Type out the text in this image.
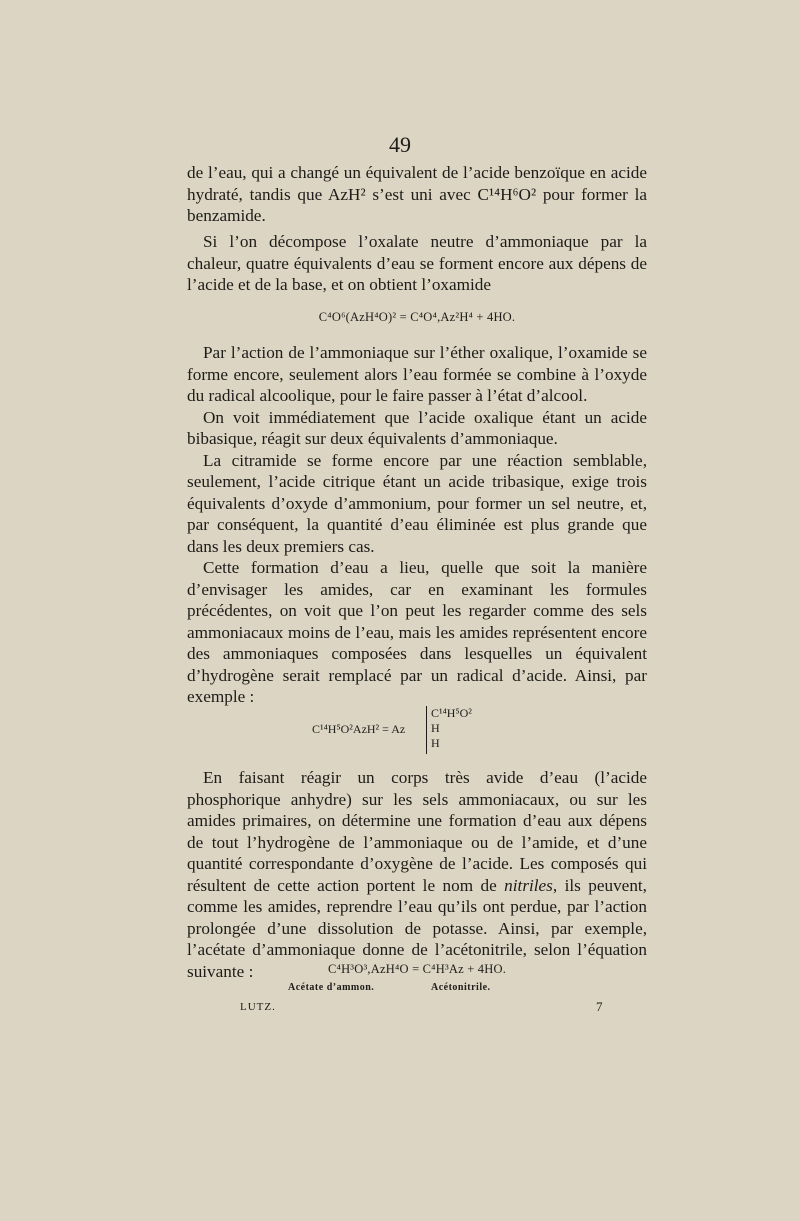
49

de l’eau, qui a changé un équivalent de l’acide benzoïque en acide hydraté, tandis que AzH² s’est uni avec C¹⁴H⁶O² pour former la benzamide.

Si l’on décompose l’oxalate neutre d’ammoniaque par la chaleur, quatre équivalents d’eau se forment encore aux dépens de l’acide et de la base, et on obtient l’oxamide

C⁴O⁶(AzH⁴O)² = C⁴O⁴,Az²H⁴ + 4HO.

Par l’action de l’ammoniaque sur l’éther oxalique, l’oxamide se forme encore, seulement alors l’eau formée se combine à l’oxyde du radical alcoolique, pour le faire passer à l’état d’alcool.

On voit immédiatement que l’acide oxalique étant un acide bibasique, réagit sur deux équivalents d’ammoniaque.

La citramide se forme encore par une réaction semblable, seulement, l’acide citrique étant un acide tribasique, exige trois équivalents d’oxyde d’ammonium, pour former un sel neutre, et, par conséquent, la quantité d’eau éliminée est plus grande que dans les deux premiers cas.

Cette formation d’eau a lieu, quelle que soit la manière d’envisager les amides, car en examinant les formules précédentes, on voit que l’on peut les regarder comme des sels ammoniacaux moins de l’eau, mais les amides représentent encore des ammoniaques composées dans lesquelles un équivalent d’hydrogène serait remplacé par un radical d’acide. Ainsi, par exemple :

C¹⁴H⁵O²AzH² = Az
C¹⁴H⁵O²
H
H

En faisant réagir un corps très avide d’eau (l’acide phosphorique anhydre) sur les sels ammoniacaux, ou sur les amides primaires, on détermine une formation d’eau aux dépens de tout l’hydrogène de l’ammoniaque ou de l’amide, et d’une quantité correspondante d’oxygène de l’acide. Les composés qui résultent de cette action portent le nom de nitriles, ils peuvent, comme les amides, reprendre l’eau qu’ils ont perdue, par l’action prolongée d’une dissolution de potasse. Ainsi, par exemple, l’acétate d’ammoniaque donne de l’acétonitrile, selon l’équation suivante :	C⁴H³O³,AzH⁴O = C⁴H³Az + 4HO.
Acétate d’ammon.	Acétonitrile.
LUTZ.	7
